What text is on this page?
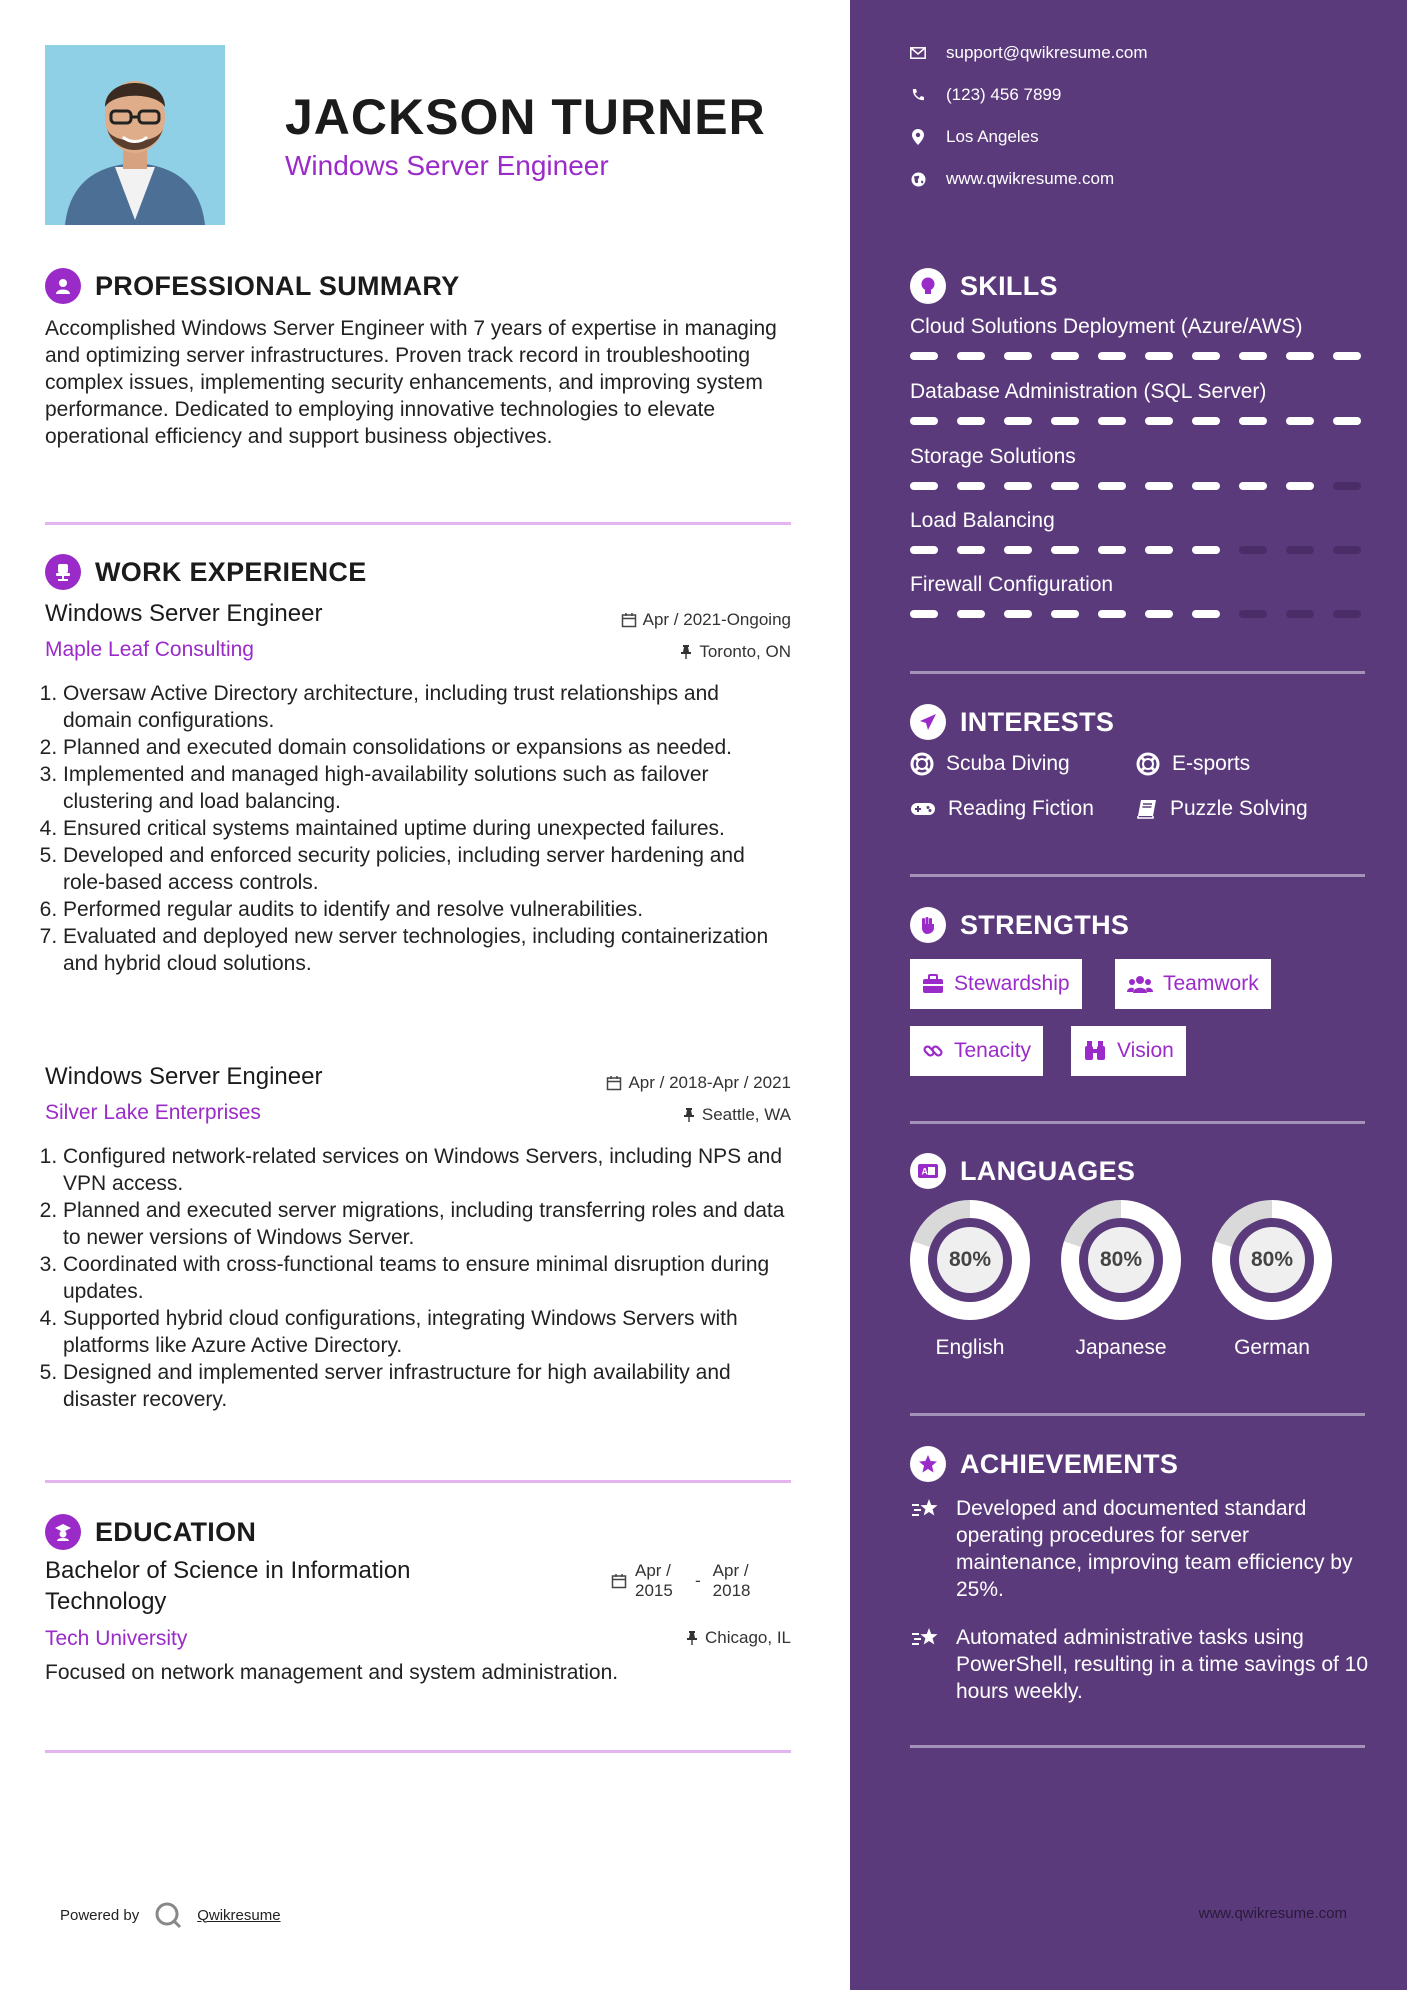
JACKSON TURNER
Windows Server Engineer
PROFESSIONAL SUMMARY
Accomplished Windows Server Engineer with 7 years of expertise in managing and optimizing server infrastructures. Proven track record in troubleshooting complex issues, implementing security enhancements, and improving system performance. Dedicated to employing innovative technologies to elevate operational efficiency and support business objectives.
WORK EXPERIENCE
Windows Server Engineer
Maple Leaf Consulting
Apr / 2021-Ongoing
Toronto, ON
1. Oversaw Active Directory architecture, including trust relationships and domain configurations.
2. Planned and executed domain consolidations or expansions as needed.
3. Implemented and managed high-availability solutions such as failover clustering and load balancing.
4. Ensured critical systems maintained uptime during unexpected failures.
5. Developed and enforced security policies, including server hardening and role-based access controls.
6. Performed regular audits to identify and resolve vulnerabilities.
7. Evaluated and deployed new server technologies, including containerization and hybrid cloud solutions.
Windows Server Engineer
Silver Lake Enterprises
Apr / 2018-Apr / 2021
Seattle, WA
1. Configured network-related services on Windows Servers, including NPS and VPN access.
2. Planned and executed server migrations, including transferring roles and data to newer versions of Windows Server.
3. Coordinated with cross-functional teams to ensure minimal disruption during updates.
4. Supported hybrid cloud configurations, integrating Windows Servers with platforms like Azure Active Directory.
5. Designed and implemented server infrastructure for high availability and disaster recovery.
EDUCATION
Bachelor of Science in Information Technology
Tech University
Focused on network management and system administration.
Apr / 2015
-
Apr / 2018
Chicago, IL
Powered by	Qwikresume
support@qwikresume.com
(123) 456 7899
Los Angeles
www.qwikresume.com
SKILLS
Cloud Solutions Deployment (Azure/AWS)
Database Administration (SQL Server)
Storage Solutions
Load Balancing
Firewall Configuration
INTERESTS
Scuba Diving	E-sports
Reading Fiction	Puzzle Solving
STRENGTHS
Stewardship	Teamwork
Tenacity	Vision
A LANGUAGES
80%
English
80%
Japanese
80%
German
ACHIEVEMENTS
Developed and documented standard operating procedures for server maintenance, improving team efficiency by 25%.
Automated administrative tasks using PowerShell, resulting in a time savings of 10 hours weekly.
www.qwikresume.com
